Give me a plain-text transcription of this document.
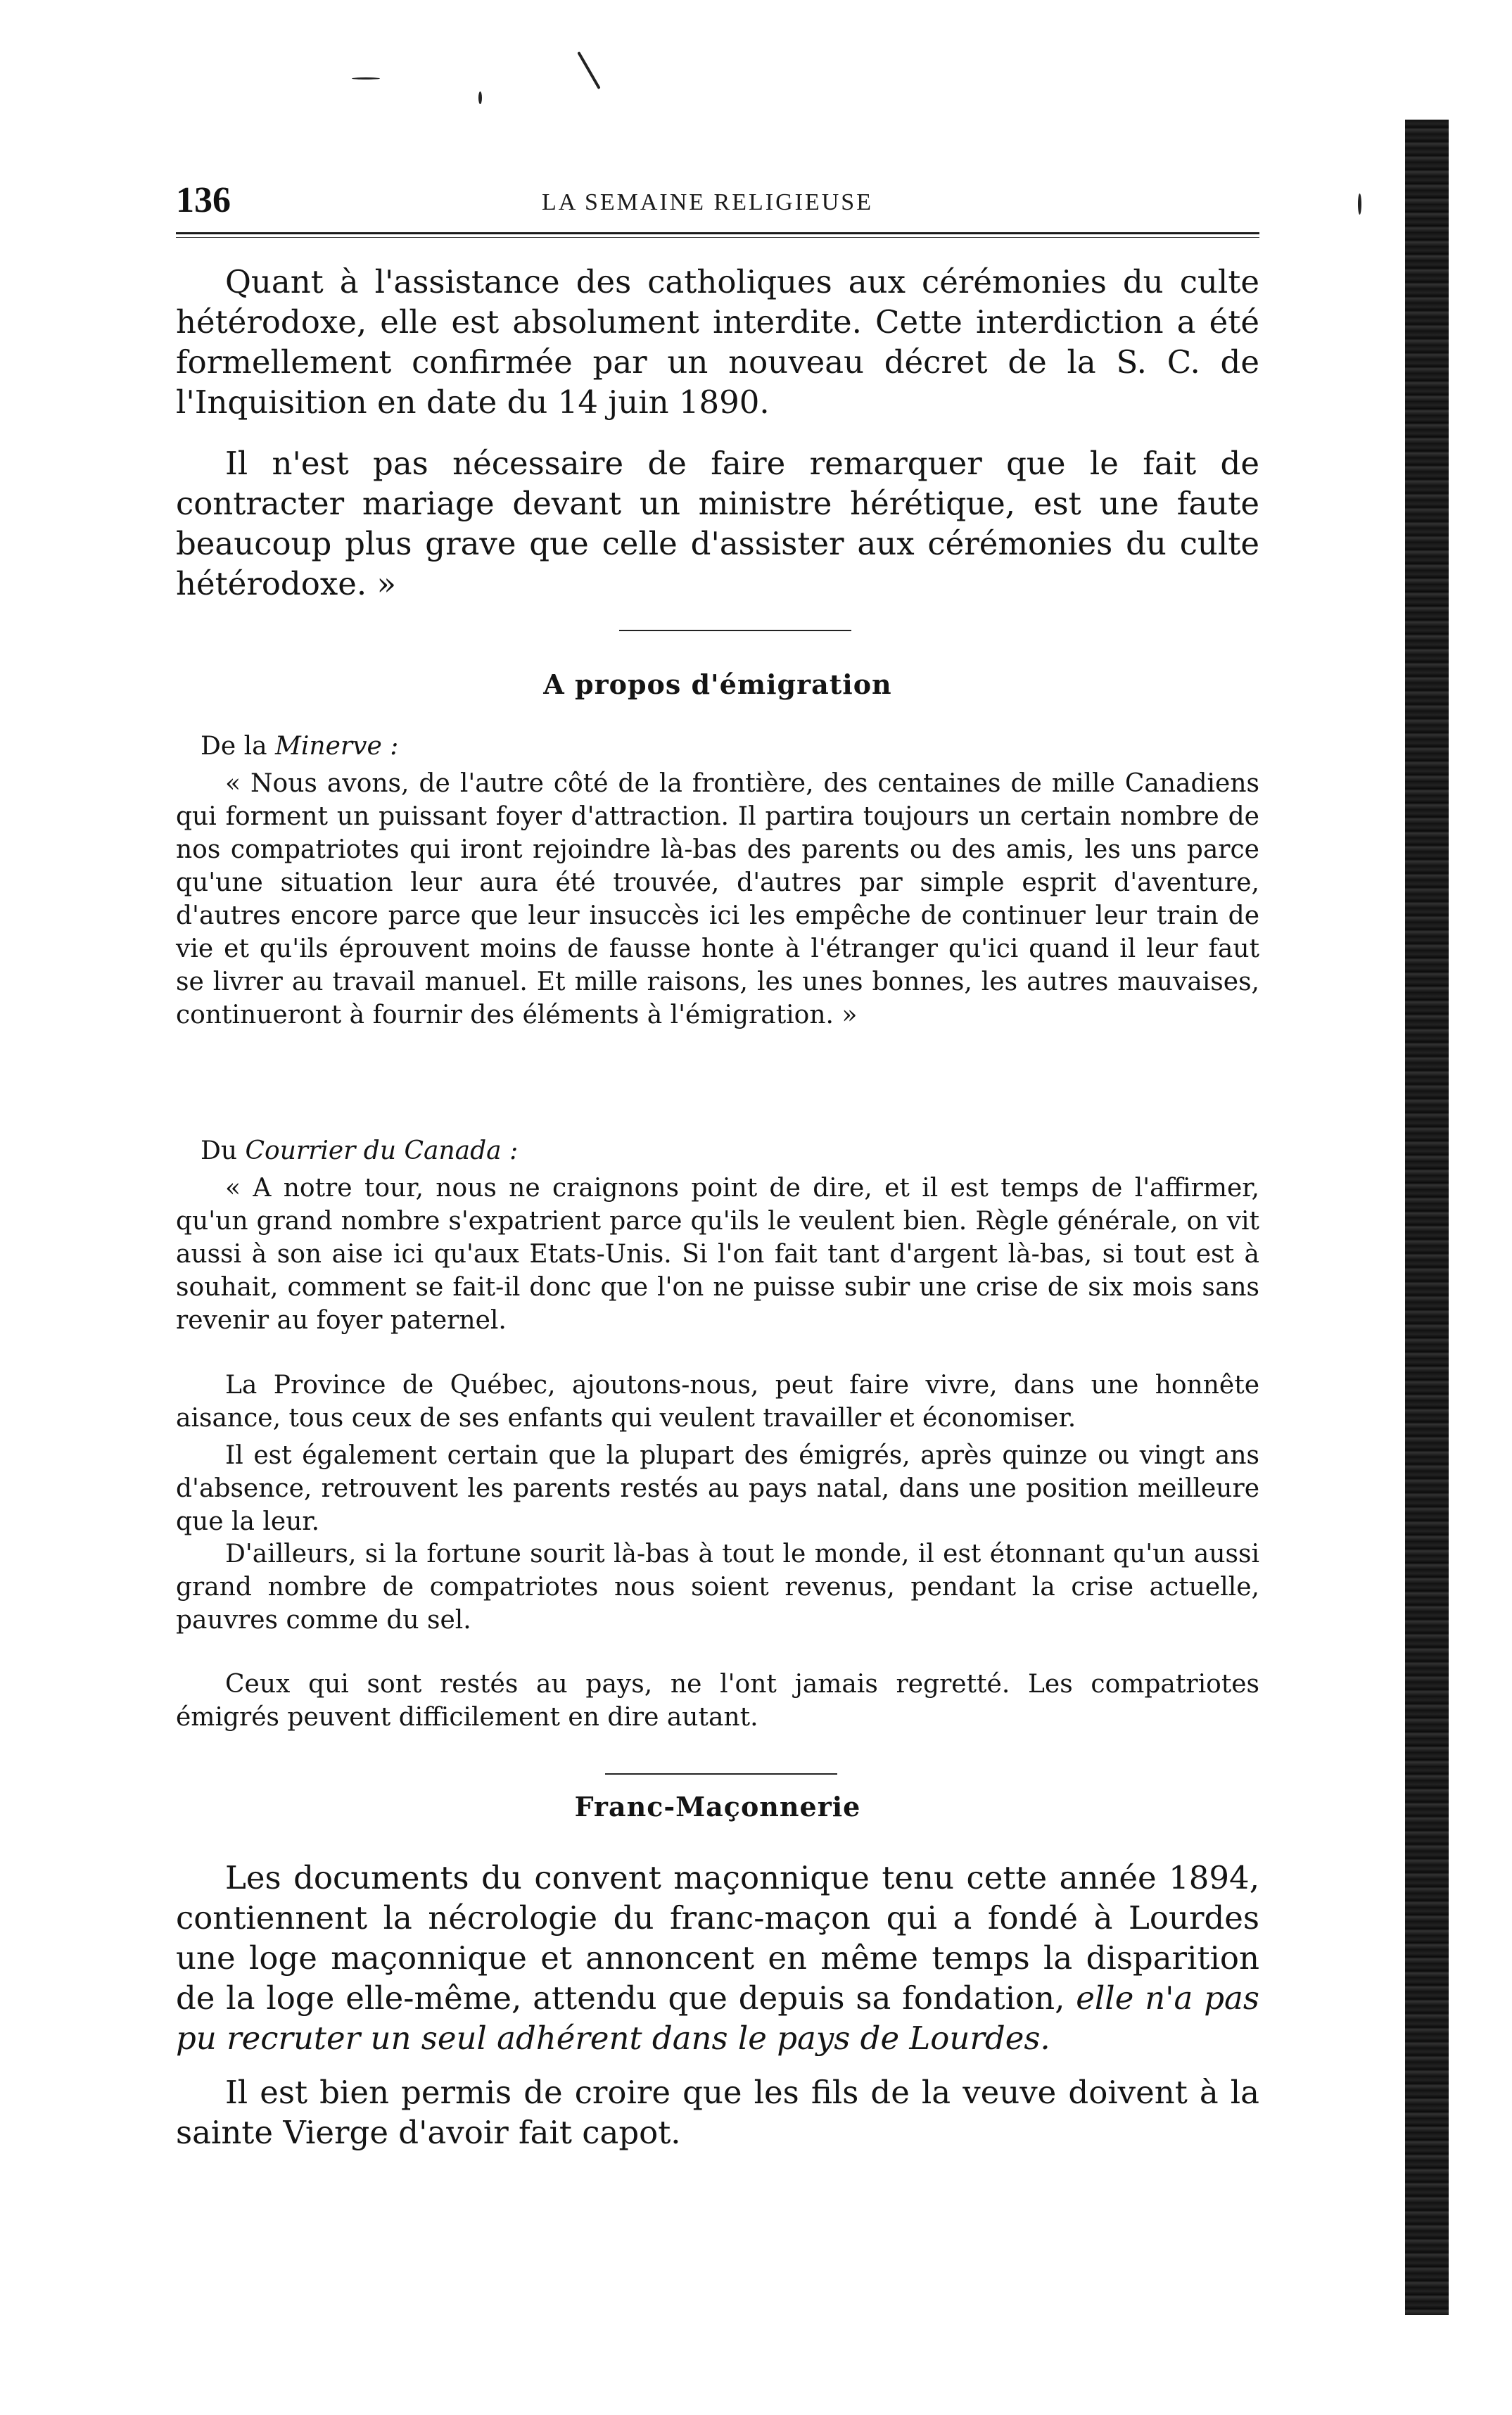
136	LA SEMAINE RELIGIEUSE
Quant à l'assistance des catholiques aux cérémonies du culte hétérodoxe, elle est absolument interdite. Cette interdiction a été formellement confirmée par un nouveau décret de la S. C. de l'Inquisition en date du 14 juin 1890.
Il n'est pas nécessaire de faire remarquer que le fait de contracter mariage devant un ministre hérétique, est une faute beaucoup plus grave que celle d'assister aux cérémonies du culte hétérodoxe. »
A propos d'émigration
De la Minerve :
« Nous avons, de l'autre côté de la frontière, des centaines de mille Canadiens qui forment un puissant foyer d'attraction. Il partira toujours un certain nombre de nos compatriotes qui iront rejoindre là-bas des parents ou des amis, les uns parce qu'une situation leur aura été trouvée, d'autres par simple esprit d'aventure, d'autres encore parce que leur insuccès ici les empêche de continuer leur train de vie et qu'ils éprouvent moins de fausse honte à l'étranger qu'ici quand il leur faut se livrer au travail manuel. Et mille raisons, les unes bonnes, les autres mauvaises, continueront à fournir des éléments à l'émigration. »
Du Courrier du Canada :
« A notre tour, nous ne craignons point de dire, et il est temps de l'affirmer, qu'un grand nombre s'expatrient parce qu'ils le veulent bien. Règle générale, on vit aussi à son aise ici qu'aux Etats-Unis. Si l'on fait tant d'argent là-bas, si tout est à souhait, comment se fait-il donc que l'on ne puisse subir une crise de six mois sans revenir au foyer paternel.
La Province de Québec, ajoutons-nous, peut faire vivre, dans une honnête aisance, tous ceux de ses enfants qui veulent travailler et économiser.
Il est également certain que la plupart des émigrés, après quinze ou vingt ans d'absence, retrouvent les parents restés au pays natal, dans une position meilleure que la leur.
D'ailleurs, si la fortune sourit là-bas à tout le monde, il est étonnant qu'un aussi grand nombre de compatriotes nous soient revenus, pendant la crise actuelle, pauvres comme du sel.
Ceux qui sont restés au pays, ne l'ont jamais regretté. Les compatriotes émigrés peuvent difficilement en dire autant.
Franc-Maçonnerie
Les documents du convent maçonnique tenu cette année 1894, contiennent la nécrologie du franc-maçon qui a fondé à Lourdes une loge maçonnique et annoncent en même temps la disparition de la loge elle-même, attendu que depuis sa fondation, elle n'a pas pu recruter un seul adhérent dans le pays de Lourdes.
Il est bien permis de croire que les fils de la veuve doivent à la sainte Vierge d'avoir fait capot.
